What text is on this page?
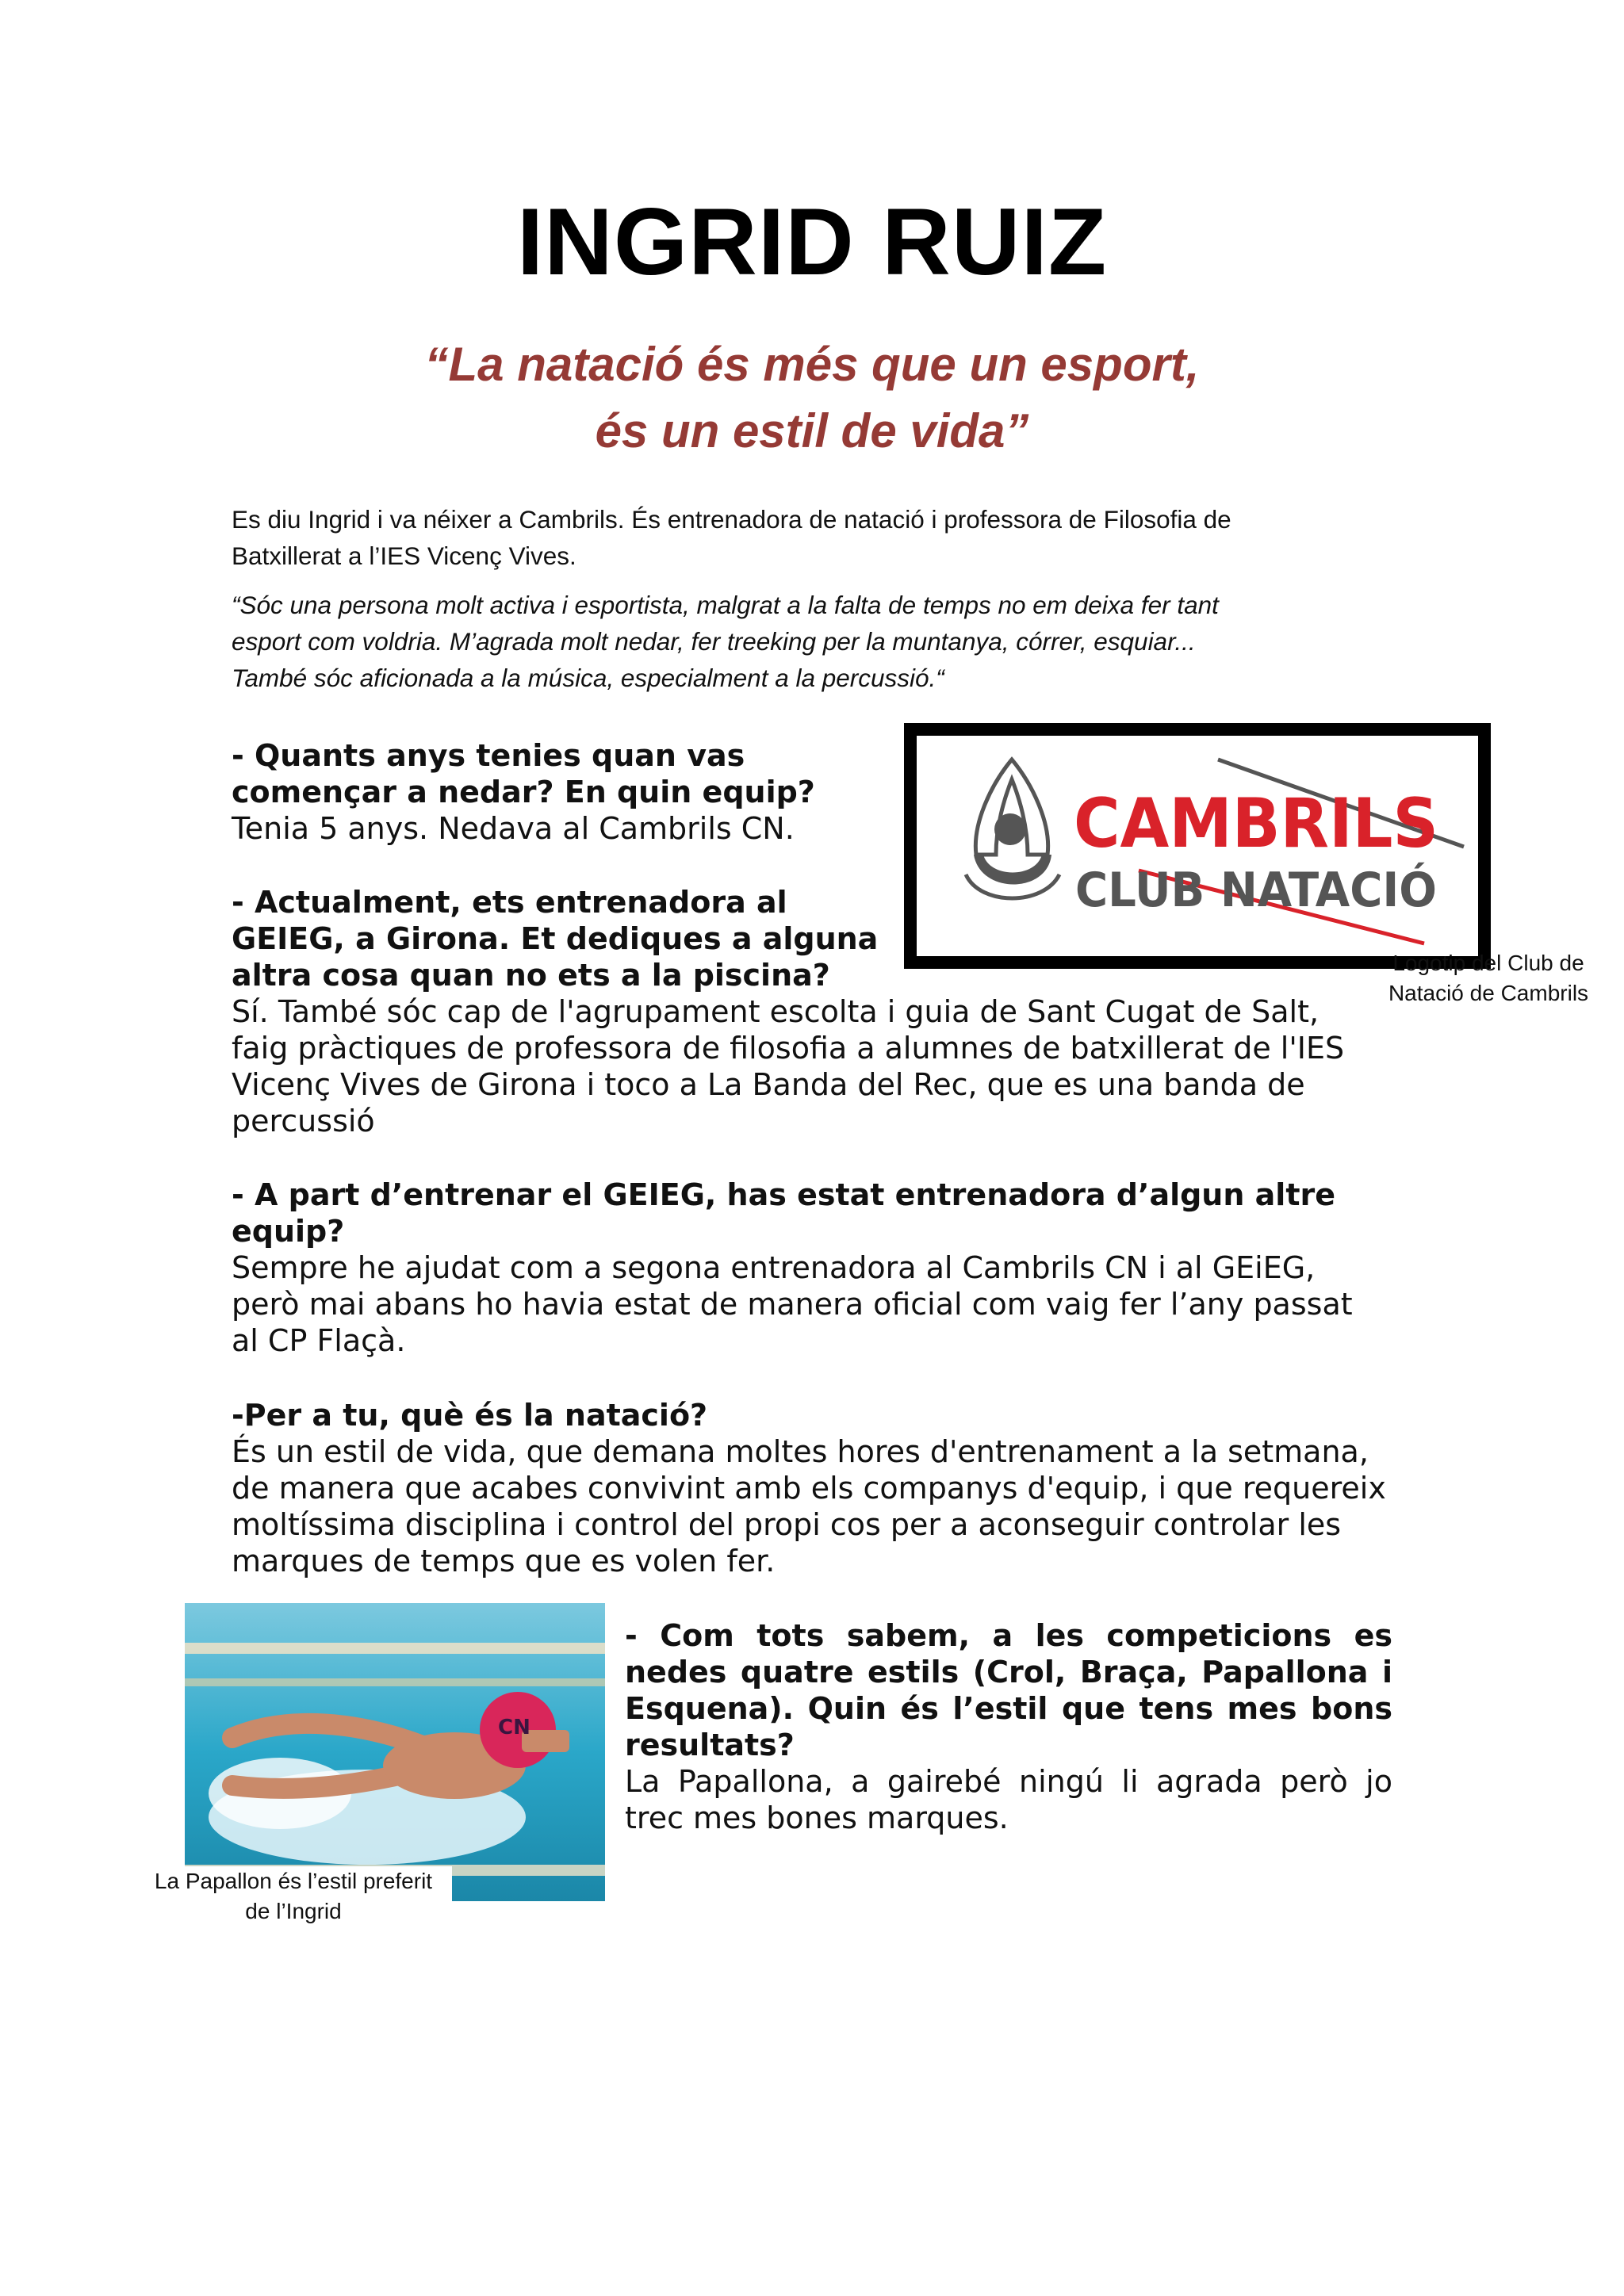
INGRID RUIZ
“La natació és més que un esport,
és un estil de vida”
Es diu Ingrid i va néixer a Cambrils. És entrenadora de natació i professora de Filosofia de
Batxillerat a l’IES Vicenç Vives.
“Sóc una persona molt activa i esportista, malgrat a la falta de temps no em deixa fer tant
esport com voldria. M’agrada molt nedar, fer treeking per la muntanya, córrer, esquiar...
També sóc aficionada a la música, especialment a la percussió.“
CAMBRILS
CLUB NATACIÓ
Logotip del Club de
Natació de Cambrils
- Quants anys tenies quan vas
començar a nedar? En quin equip?
Tenia 5 anys. Nedava al Cambrils CN.
- Actualment, ets entrenadora al
GEIEG, a Girona. Et dediques a alguna
altra cosa quan no ets a la piscina?
Sí. També sóc cap de l'agrupament escolta i guia de Sant Cugat de Salt,
faig pràctiques de professora de filosofia a alumnes de batxillerat de l'IES
Vicenç Vives de Girona i toco a La Banda del Rec, que es una banda de
percussió
- A part d’entrenar el GEIEG, has estat entrenadora d’algun altre
equip?
Sempre he ajudat com a segona entrenadora al Cambrils CN i al GEiEG,
però mai abans ho havia estat de manera oficial com vaig fer l’any passat
al CP Flaçà.
-Per a tu, què és la natació?
És un estil de vida, que demana moltes hores d'entrenament a la setmana,
de manera que acabes convivint amb els companys d'equip, i que requereix
moltíssima disciplina i control del propi cos per a aconseguir controlar les
marques de temps que es volen fer.
CN
La Papallon és l’estil preferit
de l’Ingrid
- Com tots sabem, a les competicions es
nedes quatre estils (Crol, Braça, Papallona i
Esquena). Quin és l’estil que tens mes bons
resultats?
La Papallona, a gairebé ningú li agrada però jo
trec mes bones marques.
